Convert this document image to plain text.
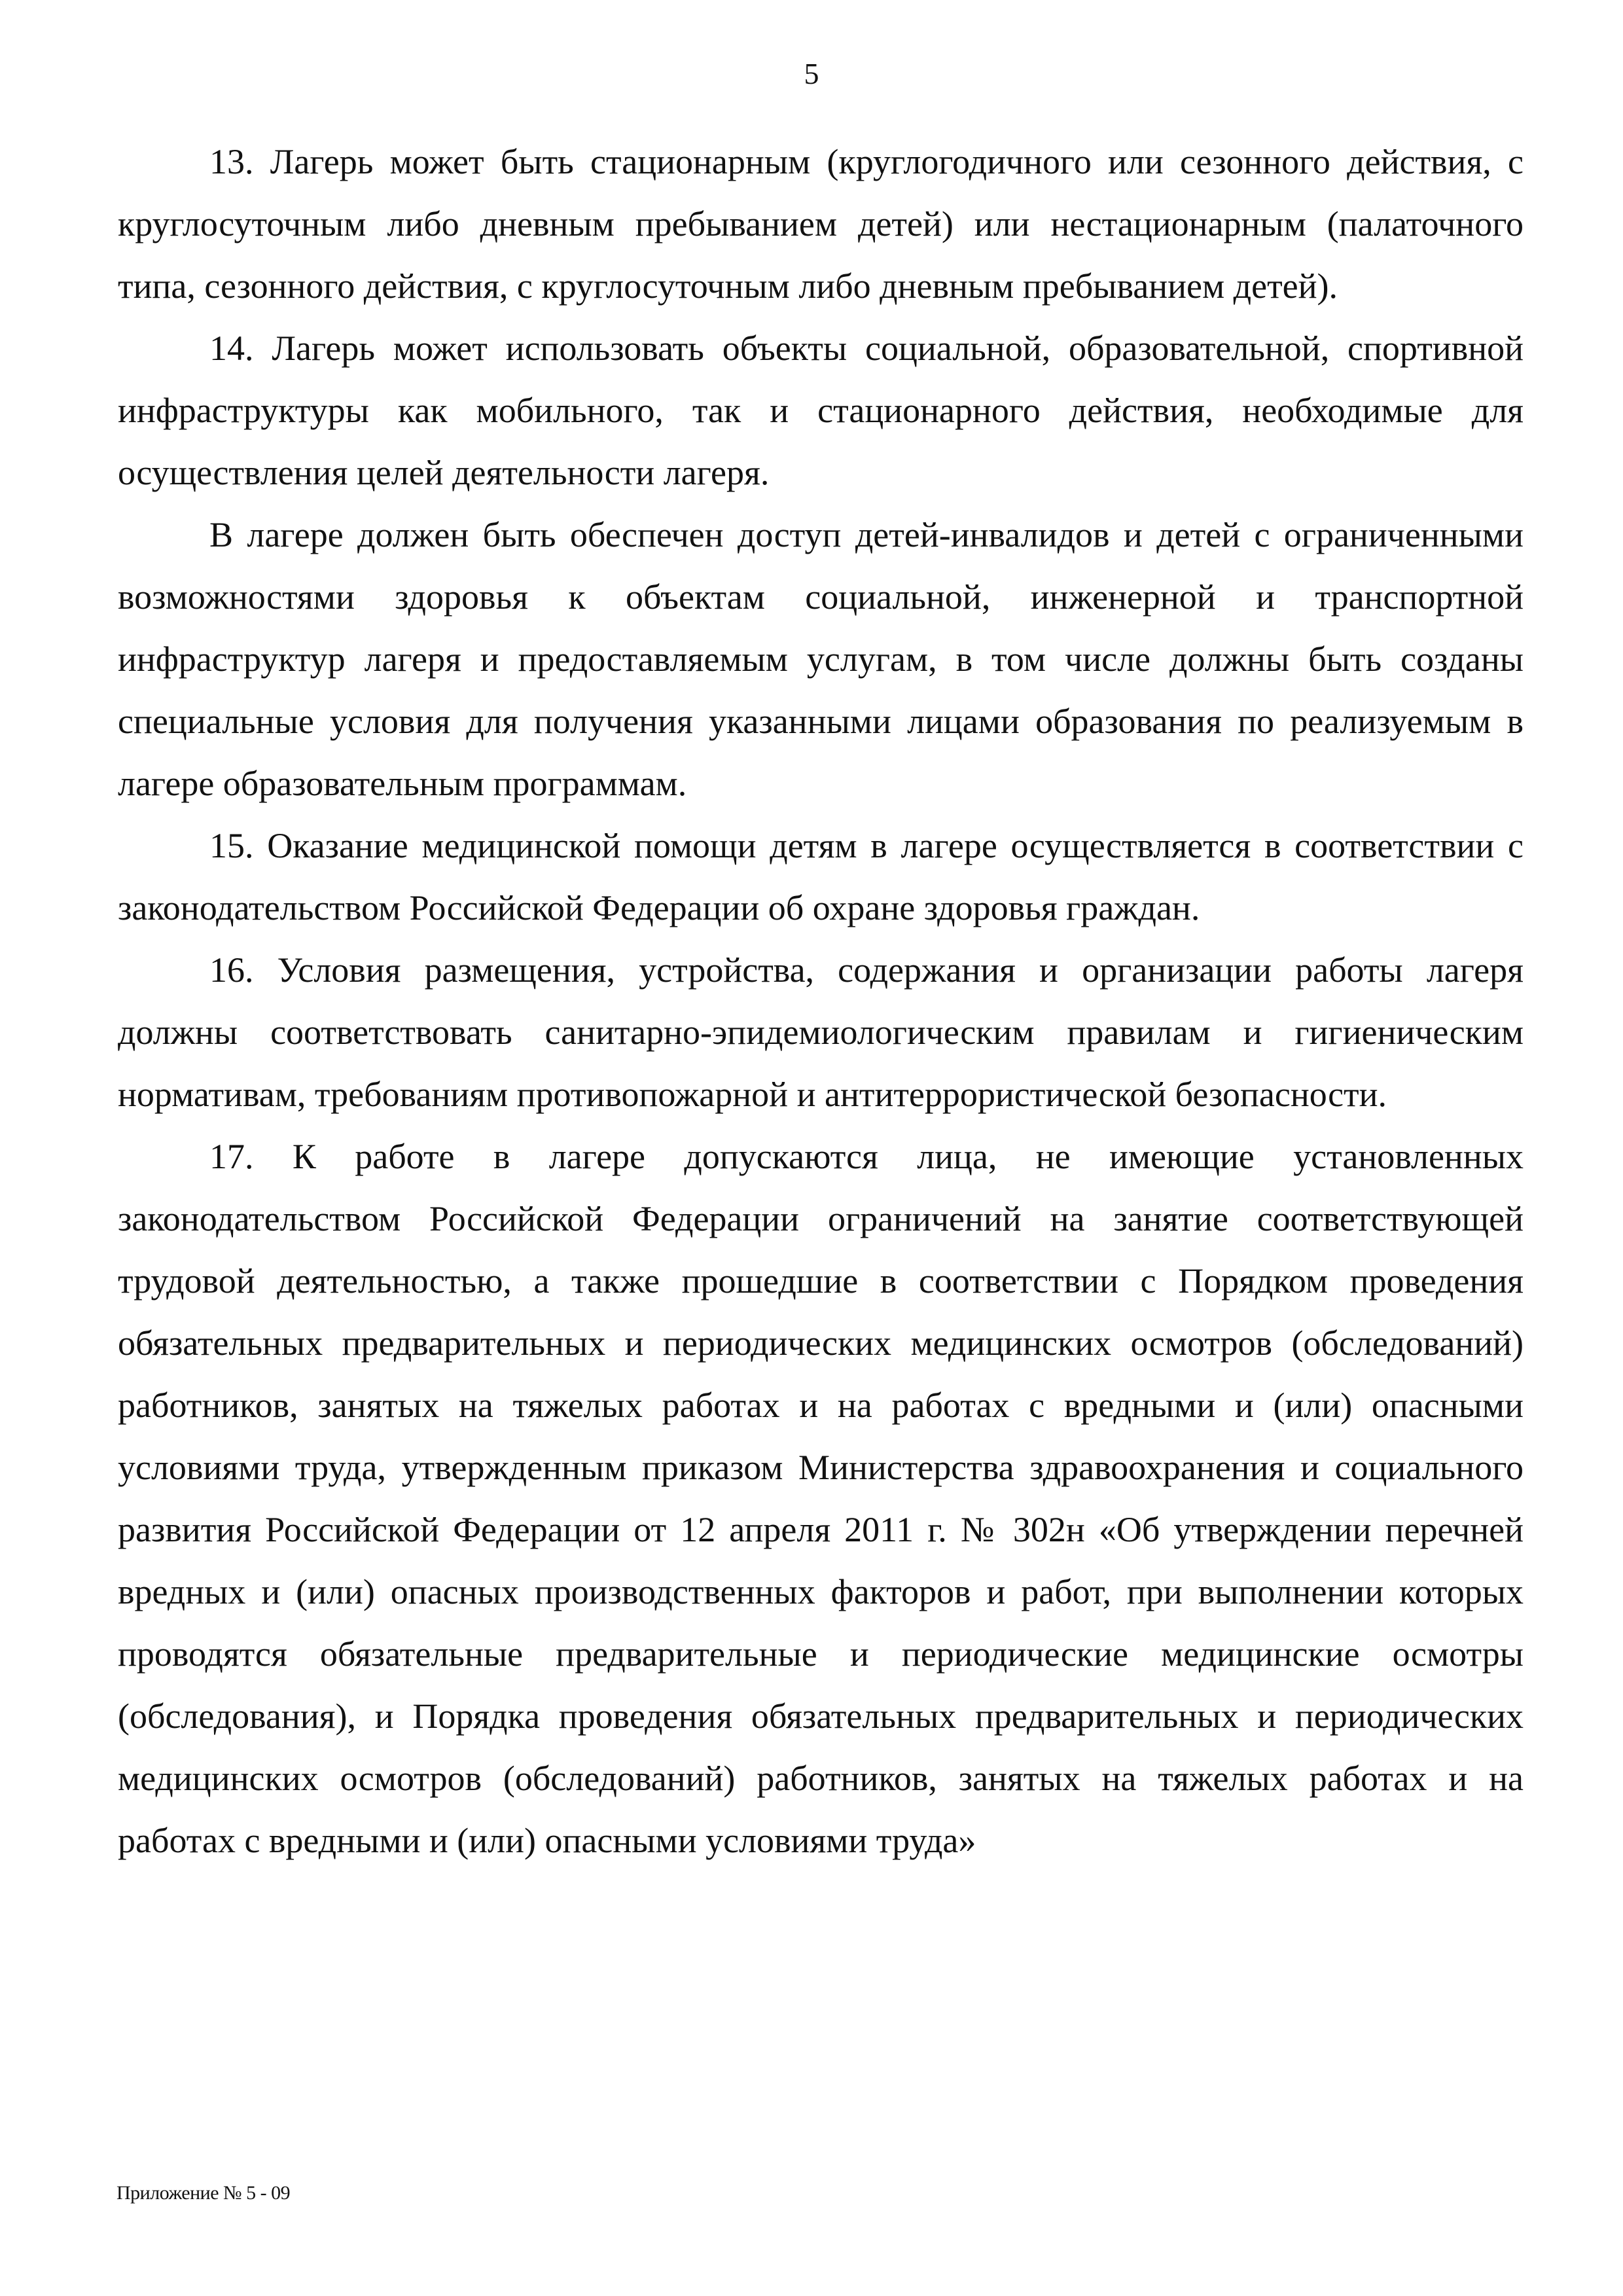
5

13. Лагерь может быть стационарным (круглогодичного или сезонного действия, с круглосуточным либо дневным пребыванием детей) или нестационарным (палаточного типа, сезонного действия, с круглосуточным либо дневным пребыванием детей).

14. Лагерь может использовать объекты социальной, образовательной, спортивной инфраструктуры как мобильного, так и стационарного действия, необходимые для осуществления целей деятельности лагеря.

В лагере должен быть обеспечен доступ детей-инвалидов и детей с ограниченными возможностями здоровья к объектам социальной, инженерной и транспортной инфраструктур лагеря и предоставляемым услугам, в том числе должны быть созданы специальные условия для получения указанными лицами образования по реализуемым в лагере образовательным программам.

15. Оказание медицинской помощи детям в лагере осуществляется в соответствии с законодательством Российской Федерации об охране здоровья граждан.

16. Условия размещения, устройства, содержания и организации работы лагеря должны соответствовать санитарно-эпидемиологическим правилам и гигиеническим нормативам, требованиям противопожарной и антитеррористической безопасности.

17. К работе в лагере допускаются лица, не имеющие установленных законодательством Российской Федерации ограничений на занятие соответствующей трудовой деятельностью, а также прошедшие в соответствии с Порядком проведения обязательных предварительных и периодических медицинских осмотров (обследований) работников, занятых на тяжелых работах и на работах с вредными и (или) опасными условиями труда, утвержденным приказом Министерства здравоохранения и социального развития Российской Федерации от 12 апреля 2011 г. № 302н «Об утверждении перечней вредных и (или) опасных производственных факторов и работ, при выполнении которых проводятся обязательные предварительные и периодические медицинские осмотры (обследования), и Порядка проведения обязательных предварительных и периодических медицинских осмотров (обследований) работников, занятых на тяжелых работах и на работах с вредными и (или) опасными условиями труда»

Приложение № 5 - 09
